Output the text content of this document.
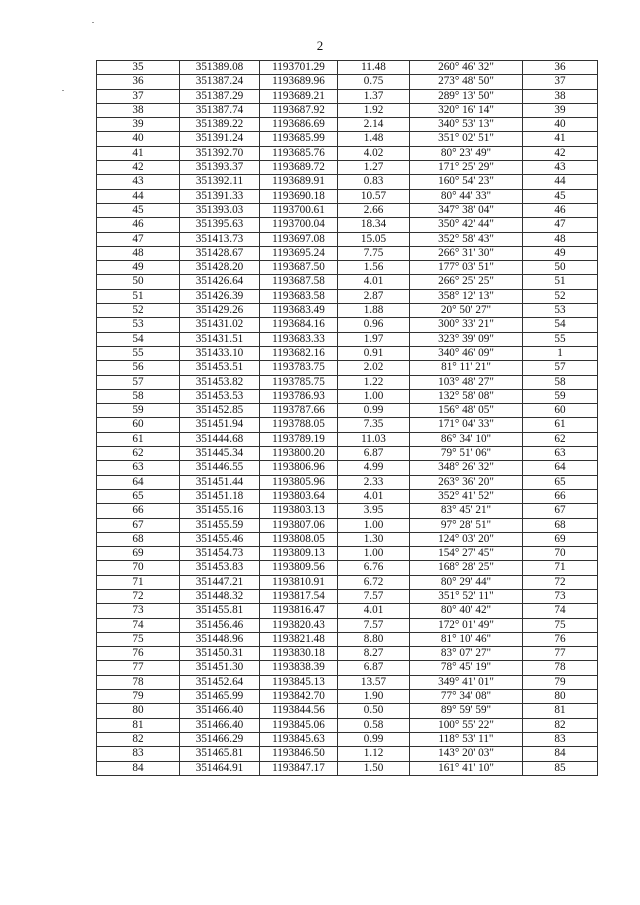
2
35	351389.08	1193701.29	11.48	260° 46' 32"	36
36	351387.24	1193689.96	0.75	273° 48' 50"	37
37	351387.29	1193689.21	1.37	289° 13' 50"	38
38	351387.74	1193687.92	1.92	320° 16' 14"	39
39	351389.22	1193686.69	2.14	340° 53' 13"	40
40	351391.24	1193685.99	1.48	351° 02' 51"	41
41	351392.70	1193685.76	4.02	80° 23' 49"	42
42	351393.37	1193689.72	1.27	171° 25' 29"	43
43	351392.11	1193689.91	0.83	160° 54' 23"	44
44	351391.33	1193690.18	10.57	80° 44' 33"	45
45	351393.03	1193700.61	2.66	347° 38' 04"	46
46	351395.63	1193700.04	18.34	350° 42' 44"	47
47	351413.73	1193697.08	15.05	352° 58' 43"	48
48	351428.67	1193695.24	7.75	266° 31' 30"	49
49	351428.20	1193687.50	1.56	177° 03' 51"	50
50	351426.64	1193687.58	4.01	266° 25' 25"	51
51	351426.39	1193683.58	2.87	358° 12' 13"	52
52	351429.26	1193683.49	1.88	20° 50' 27"	53
53	351431.02	1193684.16	0.96	300° 33' 21"	54
54	351431.51	1193683.33	1.97	323° 39' 09"	55
55	351433.10	1193682.16	0.91	340° 46' 09"	1
56	351453.51	1193783.75	2.02	81° 11' 21"	57
57	351453.82	1193785.75	1.22	103° 48' 27"	58
58	351453.53	1193786.93	1.00	132° 58' 08"	59
59	351452.85	1193787.66	0.99	156° 48' 05"	60
60	351451.94	1193788.05	7.35	171° 04' 33"	61
61	351444.68	1193789.19	11.03	86° 34' 10"	62
62	351445.34	1193800.20	6.87	79° 51' 06"	63
63	351446.55	1193806.96	4.99	348° 26' 32"	64
64	351451.44	1193805.96	2.33	263° 36' 20"	65
65	351451.18	1193803.64	4.01	352° 41' 52"	66
66	351455.16	1193803.13	3.95	83° 45' 21"	67
67	351455.59	1193807.06	1.00	97° 28' 51"	68
68	351455.46	1193808.05	1.30	124° 03' 20"	69
69	351454.73	1193809.13	1.00	154° 27' 45"	70
70	351453.83	1193809.56	6.76	168° 28' 25"	71
71	351447.21	1193810.91	6.72	80° 29' 44"	72
72	351448.32	1193817.54	7.57	351° 52' 11"	73
73	351455.81	1193816.47	4.01	80° 40' 42"	74
74	351456.46	1193820.43	7.57	172° 01' 49"	75
75	351448.96	1193821.48	8.80	81° 10' 46"	76
76	351450.31	1193830.18	8.27	83° 07' 27"	77
77	351451.30	1193838.39	6.87	78° 45' 19"	78
78	351452.64	1193845.13	13.57	349° 41' 01"	79
79	351465.99	1193842.70	1.90	77° 34' 08"	80
80	351466.40	1193844.56	0.50	89° 59' 59"	81
81	351466.40	1193845.06	0.58	100° 55' 22"	82
82	351466.29	1193845.63	0.99	118° 53' 11"	83
83	351465.81	1193846.50	1.12	143° 20' 03"	84
84	351464.91	1193847.17	1.50	161° 41' 10"	85
